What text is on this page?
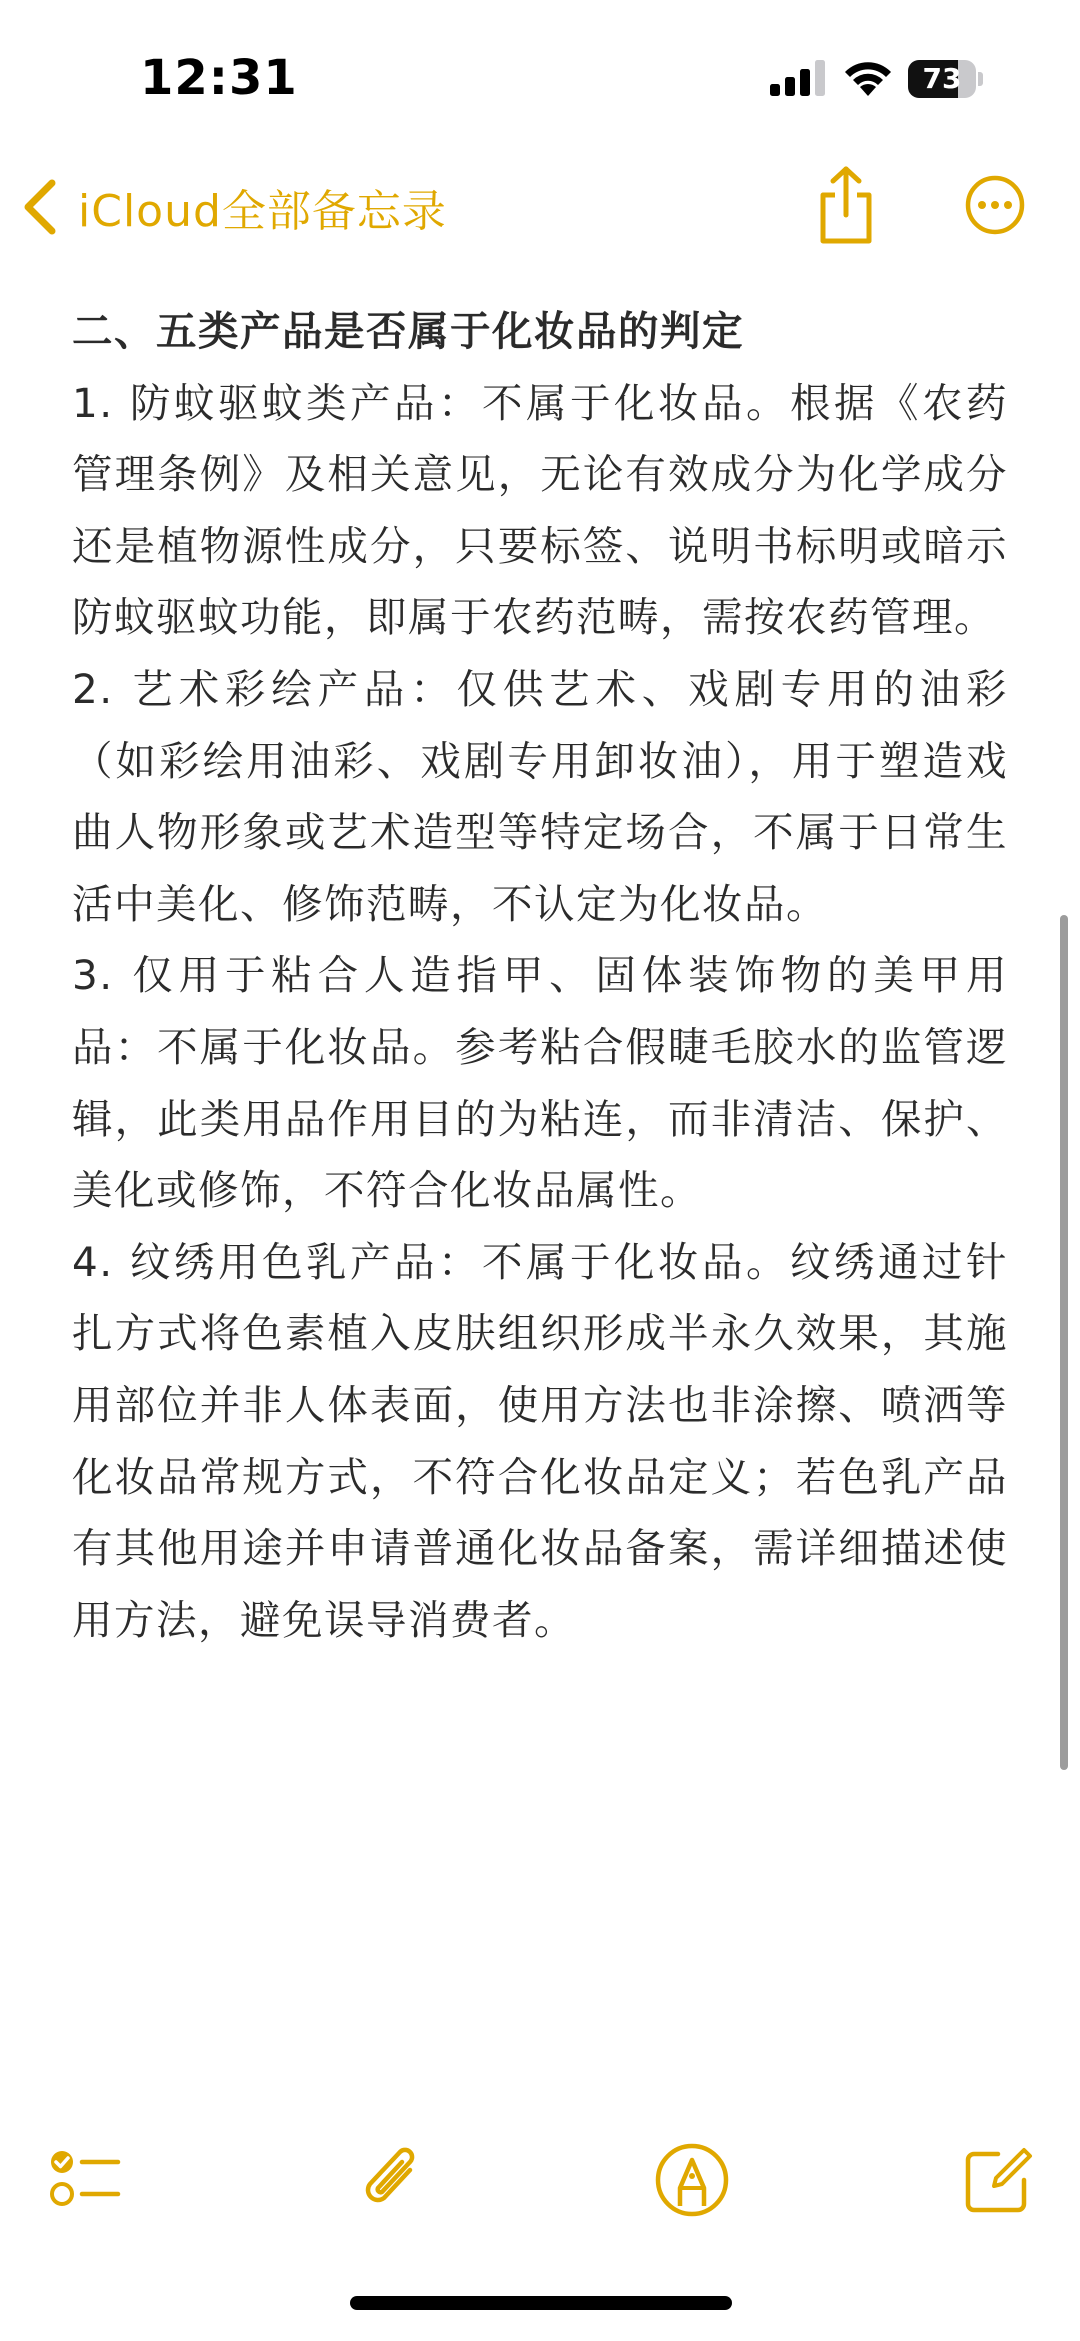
12:31	73
iCloud全部备忘录

二、五类产品是否属于化妆品的判定

1. 防蚊驱蚊类产品：不属于化妆品。根据《农药管理条例》及相关意见，无论有效成分为化学成分还是植物源性成分，只要标签、说明书标明或暗示防蚊驱蚊功能，即属于农药范畴，需按农药管理。

2. 艺术彩绘产品：仅供艺术、戏剧专用的油彩（如彩绘用油彩、戏剧专用卸妆油），用于塑造戏曲人物形象或艺术造型等特定场合，不属于日常生活中美化、修饰范畴，不认定为化妆品。

3. 仅用于粘合人造指甲、固体装饰物的美甲用品：不属于化妆品。参考粘合假睫毛胶水的监管逻辑，此类用品作用目的为粘连，而非清洁、保护、美化或修饰，不符合化妆品属性。

4. 纹绣用色乳产品：不属于化妆品。纹绣通过针扎方式将色素植入皮肤组织形成半永久效果，其施用部位并非人体表面，使用方法也非涂擦、喷洒等化妆品常规方式，不符合化妆品定义；若色乳产品有其他用途并申请普通化妆品备案，需详细描述使用方法，避免误导消费者。
